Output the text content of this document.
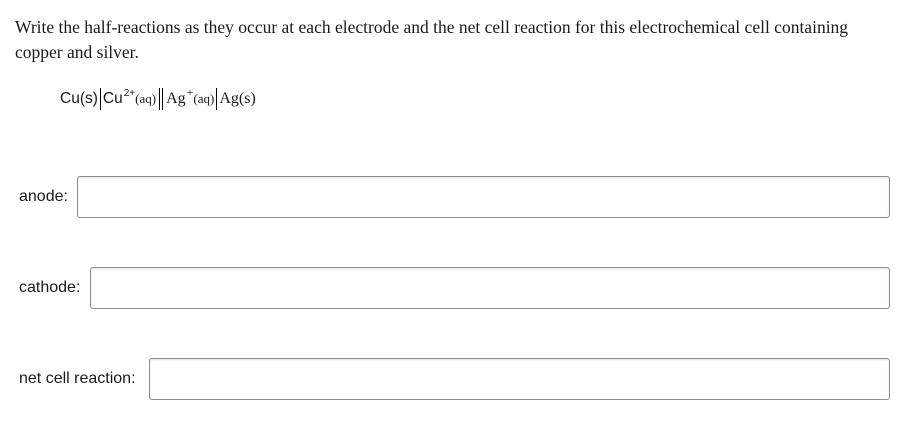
Write the half-reactions as they occur at each electrode and the net cell reaction for this electrochemical cell containing copper and silver.

Cu(s) Cu 2+ (aq) Ag + (aq) Ag(s)
anode:
cathode:
net cell reaction:
